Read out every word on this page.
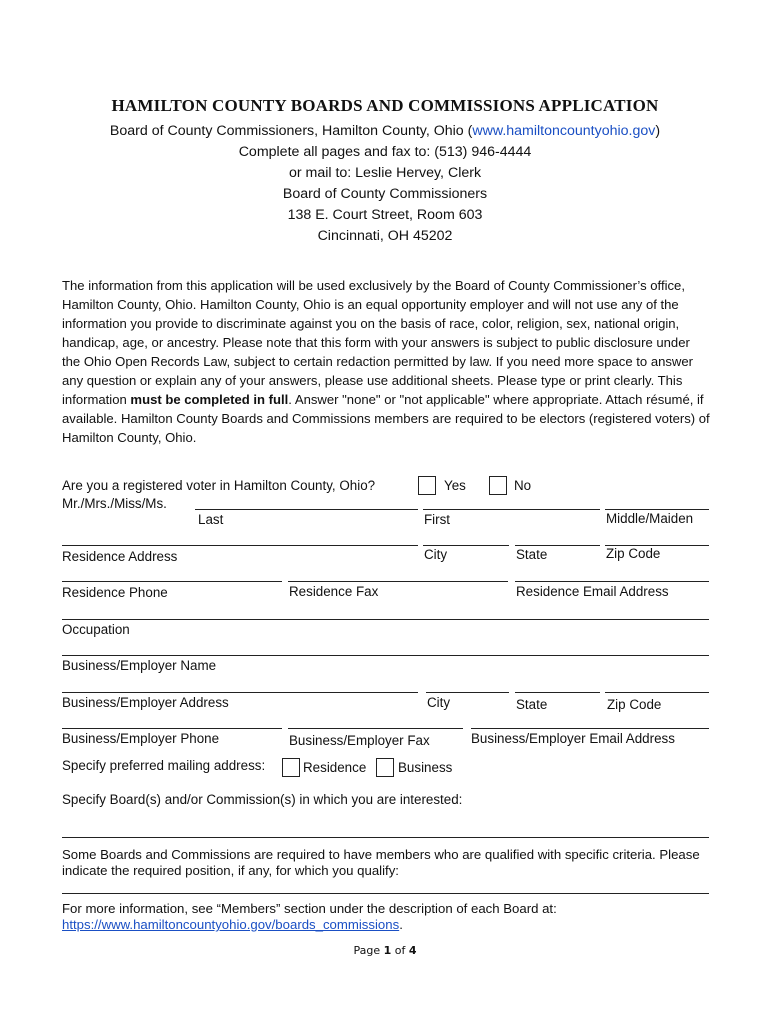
HAMILTON COUNTY BOARDS AND COMMISSIONS APPLICATION
Board of County Commissioners, Hamilton County, Ohio (www.hamiltoncountyohio.gov)
Complete all pages and fax to: (513) 946-4444
or mail to: Leslie Hervey, Clerk
Board of County Commissioners
138 E. Court Street, Room 603
Cincinnati, OH 45202
The information from this application will be used exclusively by the Board of County Commissioner’s office, Hamilton County, Ohio. Hamilton County, Ohio is an equal opportunity employer and will not use any of the information you provide to discriminate against you on the basis of race, color, religion, sex, national origin, handicap, age, or ancestry. Please note that this form with your answers is subject to public disclosure under the Ohio Open Records Law, subject to certain redaction permitted by law. If you need more space to answer any question or explain any of your answers, please use additional sheets. Please type or print clearly. This information must be completed in full. Answer "none" or "not applicable" where appropriate. Attach résumé, if available. Hamilton County Boards and Commissions members are required to be electors (registered voters) of Hamilton County, Ohio.
Are you a registered voter in Hamilton County, Ohio?	Yes	No
Mr./Mrs./Miss/Ms.
Last	First	Middle/Maiden
Residence Address	City	State	Zip Code
Residence Phone	Residence Fax	Residence Email Address
Occupation
Business/Employer Name
Business/Employer Address	City	State	Zip Code
Business/Employer Phone	Business/Employer Fax	Business/Employer Email Address
Specify preferred mailing address:	Residence Business
Specify Board(s) and/or Commission(s) in which you are interested:
Some Boards and Commissions are required to have members who are qualified with specific criteria. Please indicate the required position, if any, for which you qualify:
For more information, see “Members” section under the description of each Board at:
https://www.hamiltoncountyohio.gov/boards_commissions.
Page 1 of 4
